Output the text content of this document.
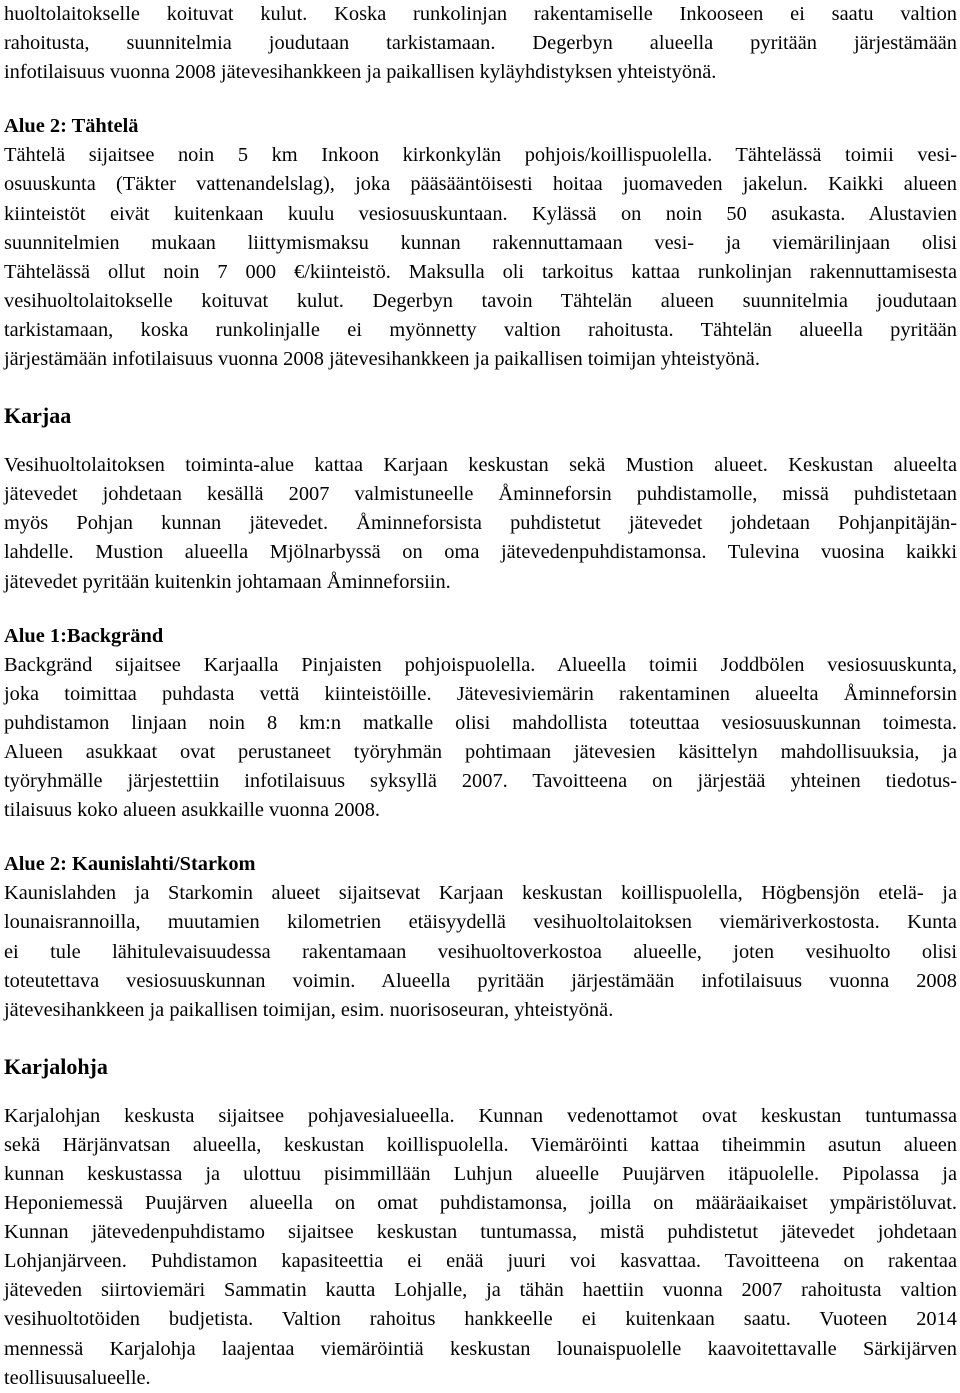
huoltolaitokselle koituvat kulut. Koska runkolinjan rakentamiselle Inkooseen ei saatu valtion
rahoitusta, suunnitelmia joudutaan tarkistamaan. Degerbyn alueella pyritään järjestämään
infotilaisuus vuonna 2008 jätevesihankkeen ja paikallisen kyläyhdistyksen yhteistyönä.
Alue 2: Tähtelä
Tähtelä sijaitsee noin 5 km Inkoon kirkonkylän pohjois/koillispuolella. Tähtelässä toimii vesi-
osuuskunta (Täkter vattenandelslag), joka pääsääntöisesti hoitaa juomaveden jakelun. Kaikki alueen
kiinteistöt eivät kuitenkaan kuulu vesiosuuskuntaan. Kylässä on noin 50 asukasta. Alustavien
suunnitelmien mukaan liittymismaksu kunnan rakennuttamaan vesi- ja viemärilinjaan olisi
Tähtelässä ollut noin 7 000 €/kiinteistö. Maksulla oli tarkoitus kattaa runkolinjan rakennuttamisesta
vesihuoltolaitokselle koituvat kulut. Degerbyn tavoin Tähtelän alueen suunnitelmia joudutaan
tarkistamaan, koska runkolinjalle ei myönnetty valtion rahoitusta. Tähtelän alueella pyritään
järjestämään infotilaisuus vuonna 2008 jätevesihankkeen ja paikallisen toimijan yhteistyönä.
Karjaa
Vesihuoltolaitoksen toiminta-alue kattaa Karjaan keskustan sekä Mustion alueet. Keskustan alueelta
jätevedet johdetaan kesällä 2007 valmistuneelle Åminneforsin puhdistamolle, missä puhdistetaan
myös Pohjan kunnan jätevedet. Åminneforsista puhdistetut jätevedet johdetaan Pohjanpitäjän-
lahdelle. Mustion alueella Mjölnarbyssä on oma jätevedenpuhdistamonsa. Tulevina vuosina kaikki
jätevedet pyritään kuitenkin johtamaan Åminneforsiin.
Alue 1:Backgränd
Backgränd sijaitsee Karjaalla Pinjaisten pohjoispuolella. Alueella toimii Joddbölen vesiosuuskunta,
joka toimittaa puhdasta vettä kiinteistöille. Jätevesiviemärin rakentaminen alueelta Åminneforsin
puhdistamon linjaan noin 8 km:n matkalle olisi mahdollista toteuttaa vesiosuuskunnan toimesta.
Alueen asukkaat ovat perustaneet työryhmän pohtimaan jätevesien käsittelyn mahdollisuuksia, ja
työryhmälle järjestettiin infotilaisuus syksyllä 2007. Tavoitteena on järjestää yhteinen tiedotus-
tilaisuus koko alueen asukkaille vuonna 2008.
Alue 2: Kaunislahti/Starkom
Kaunislahden ja Starkomin alueet sijaitsevat Karjaan keskustan koillispuolella, Högbensjön etelä- ja
lounaisrannoilla, muutamien kilometrien etäisyydellä vesihuoltolaitoksen viemäriverkostosta. Kunta
ei tule lähitulevaisuudessa rakentamaan vesihuoltoverkostoa alueelle, joten vesihuolto olisi
toteutettava vesiosuuskunnan voimin. Alueella pyritään järjestämään infotilaisuus vuonna 2008
jätevesihankkeen ja paikallisen toimijan, esim. nuorisoseuran, yhteistyönä.
Karjalohja
Karjalohjan keskusta sijaitsee pohjavesialueella. Kunnan vedenottamot ovat keskustan tuntumassa
sekä Härjänvatsan alueella, keskustan koillispuolella. Viemäröinti kattaa tiheimmin asutun alueen
kunnan keskustassa ja ulottuu pisimmillään Luhjun alueelle Puujärven itäpuolelle. Pipolassa ja
Heponiemessä Puujärven alueella on omat puhdistamonsa, joilla on määräaikaiset ympäristöluvat.
Kunnan jätevedenpuhdistamo sijaitsee keskustan tuntumassa, mistä puhdistetut jätevedet johdetaan
Lohjanjärveen. Puhdistamon kapasiteettia ei enää juuri voi kasvattaa. Tavoitteena on rakentaa
jäteveden siirtoviemäri Sammatin kautta Lohjalle, ja tähän haettiin vuonna 2007 rahoitusta valtion
vesihuoltotöiden budjetista. Valtion rahoitus hankkeelle ei kuitenkaan saatu. Vuoteen 2014
mennessä Karjalohja laajentaa viemäröintiä keskustan lounaispuolelle kaavoitettavalle Särkijärven
teollisuusalueelle.
